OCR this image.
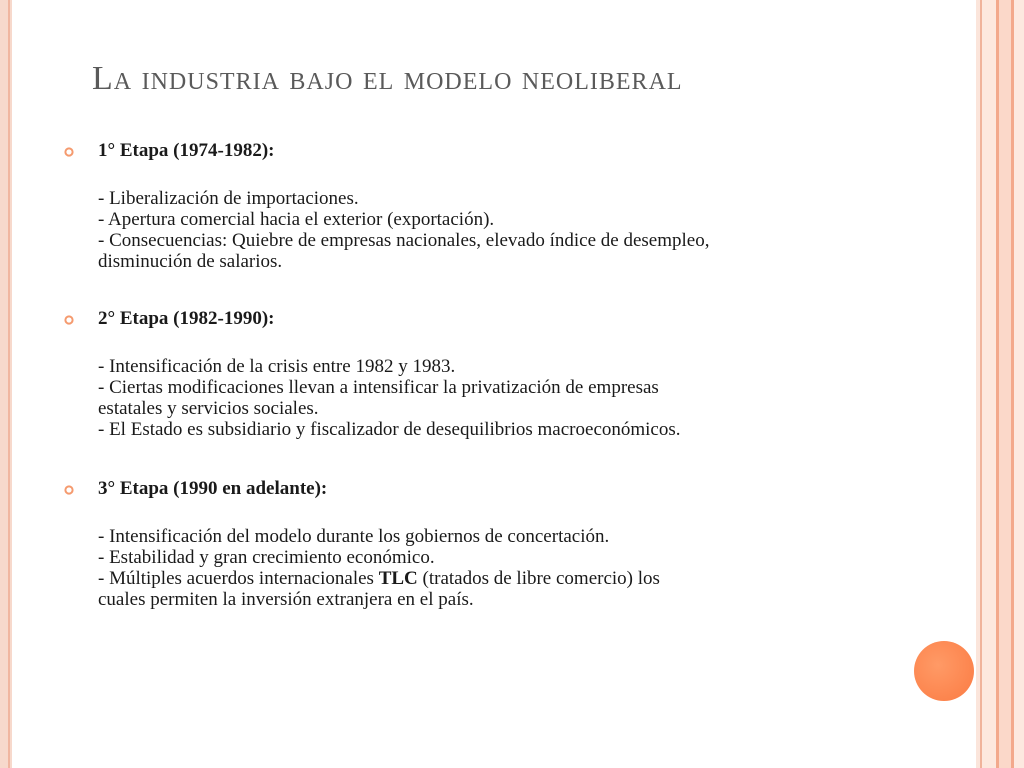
La industria bajo el modelo neoliberal
1° Etapa (1974-1982):
- Liberalización de importaciones.
- Apertura comercial hacia el exterior (exportación).
- Consecuencias: Quiebre de empresas nacionales, elevado índice de desempleo,
disminución de salarios.
2° Etapa (1982-1990):
- Intensificación de la crisis entre 1982 y 1983.
- Ciertas modificaciones llevan a intensificar la privatización de empresas
estatales y servicios sociales.
- El Estado es subsidiario y fiscalizador de desequilibrios macroeconómicos.
3° Etapa (1990 en adelante):
- Intensificación del modelo durante los gobiernos de concertación.
- Estabilidad y gran crecimiento económico.
- Múltiples acuerdos internacionales TLC (tratados de libre comercio) los
cuales permiten la inversión extranjera en el país.
